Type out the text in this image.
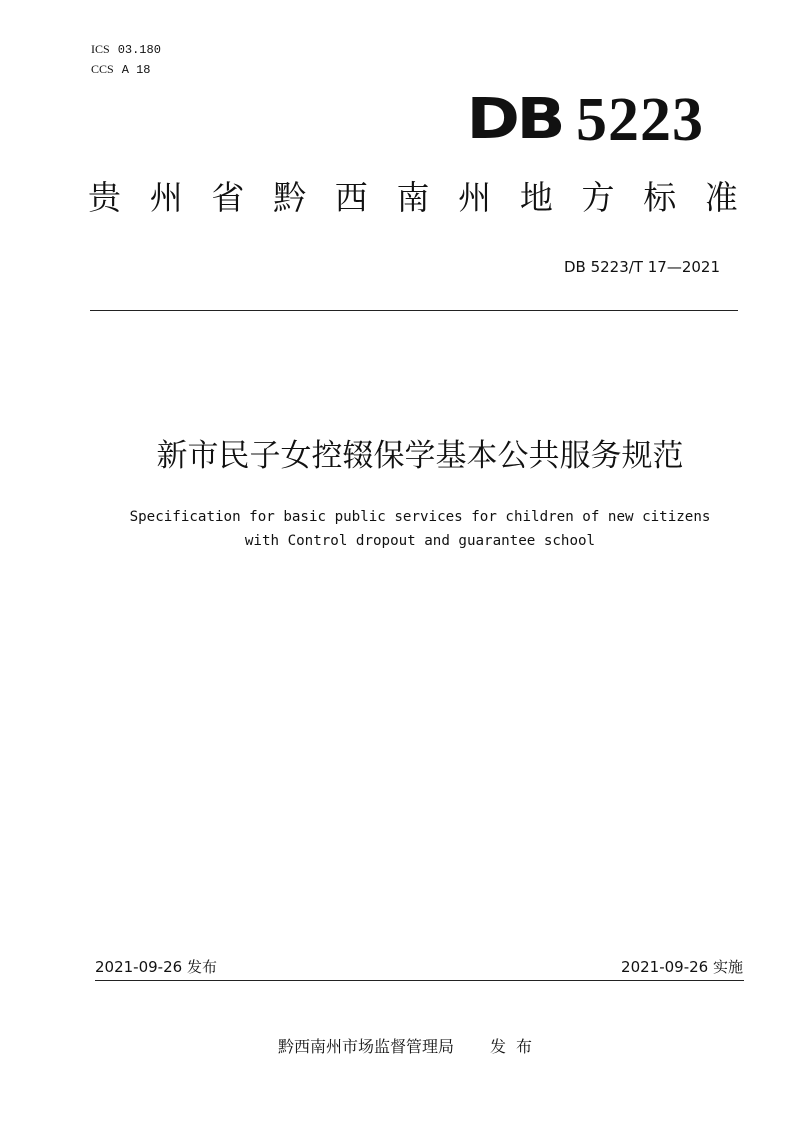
ICS 03.180
CCS A 18
DB 5223
贵 州 省 黔 西 南 州 地 方 标 准
DB 5223/T 17—2021
新市民子女控辍保学基本公共服务规范
Specification for basic public services for children of new citizens
with Control dropout and guarantee school
2021-09-26 发布	2021-09-26 实施
黔西南州市场监督管理局 发布
